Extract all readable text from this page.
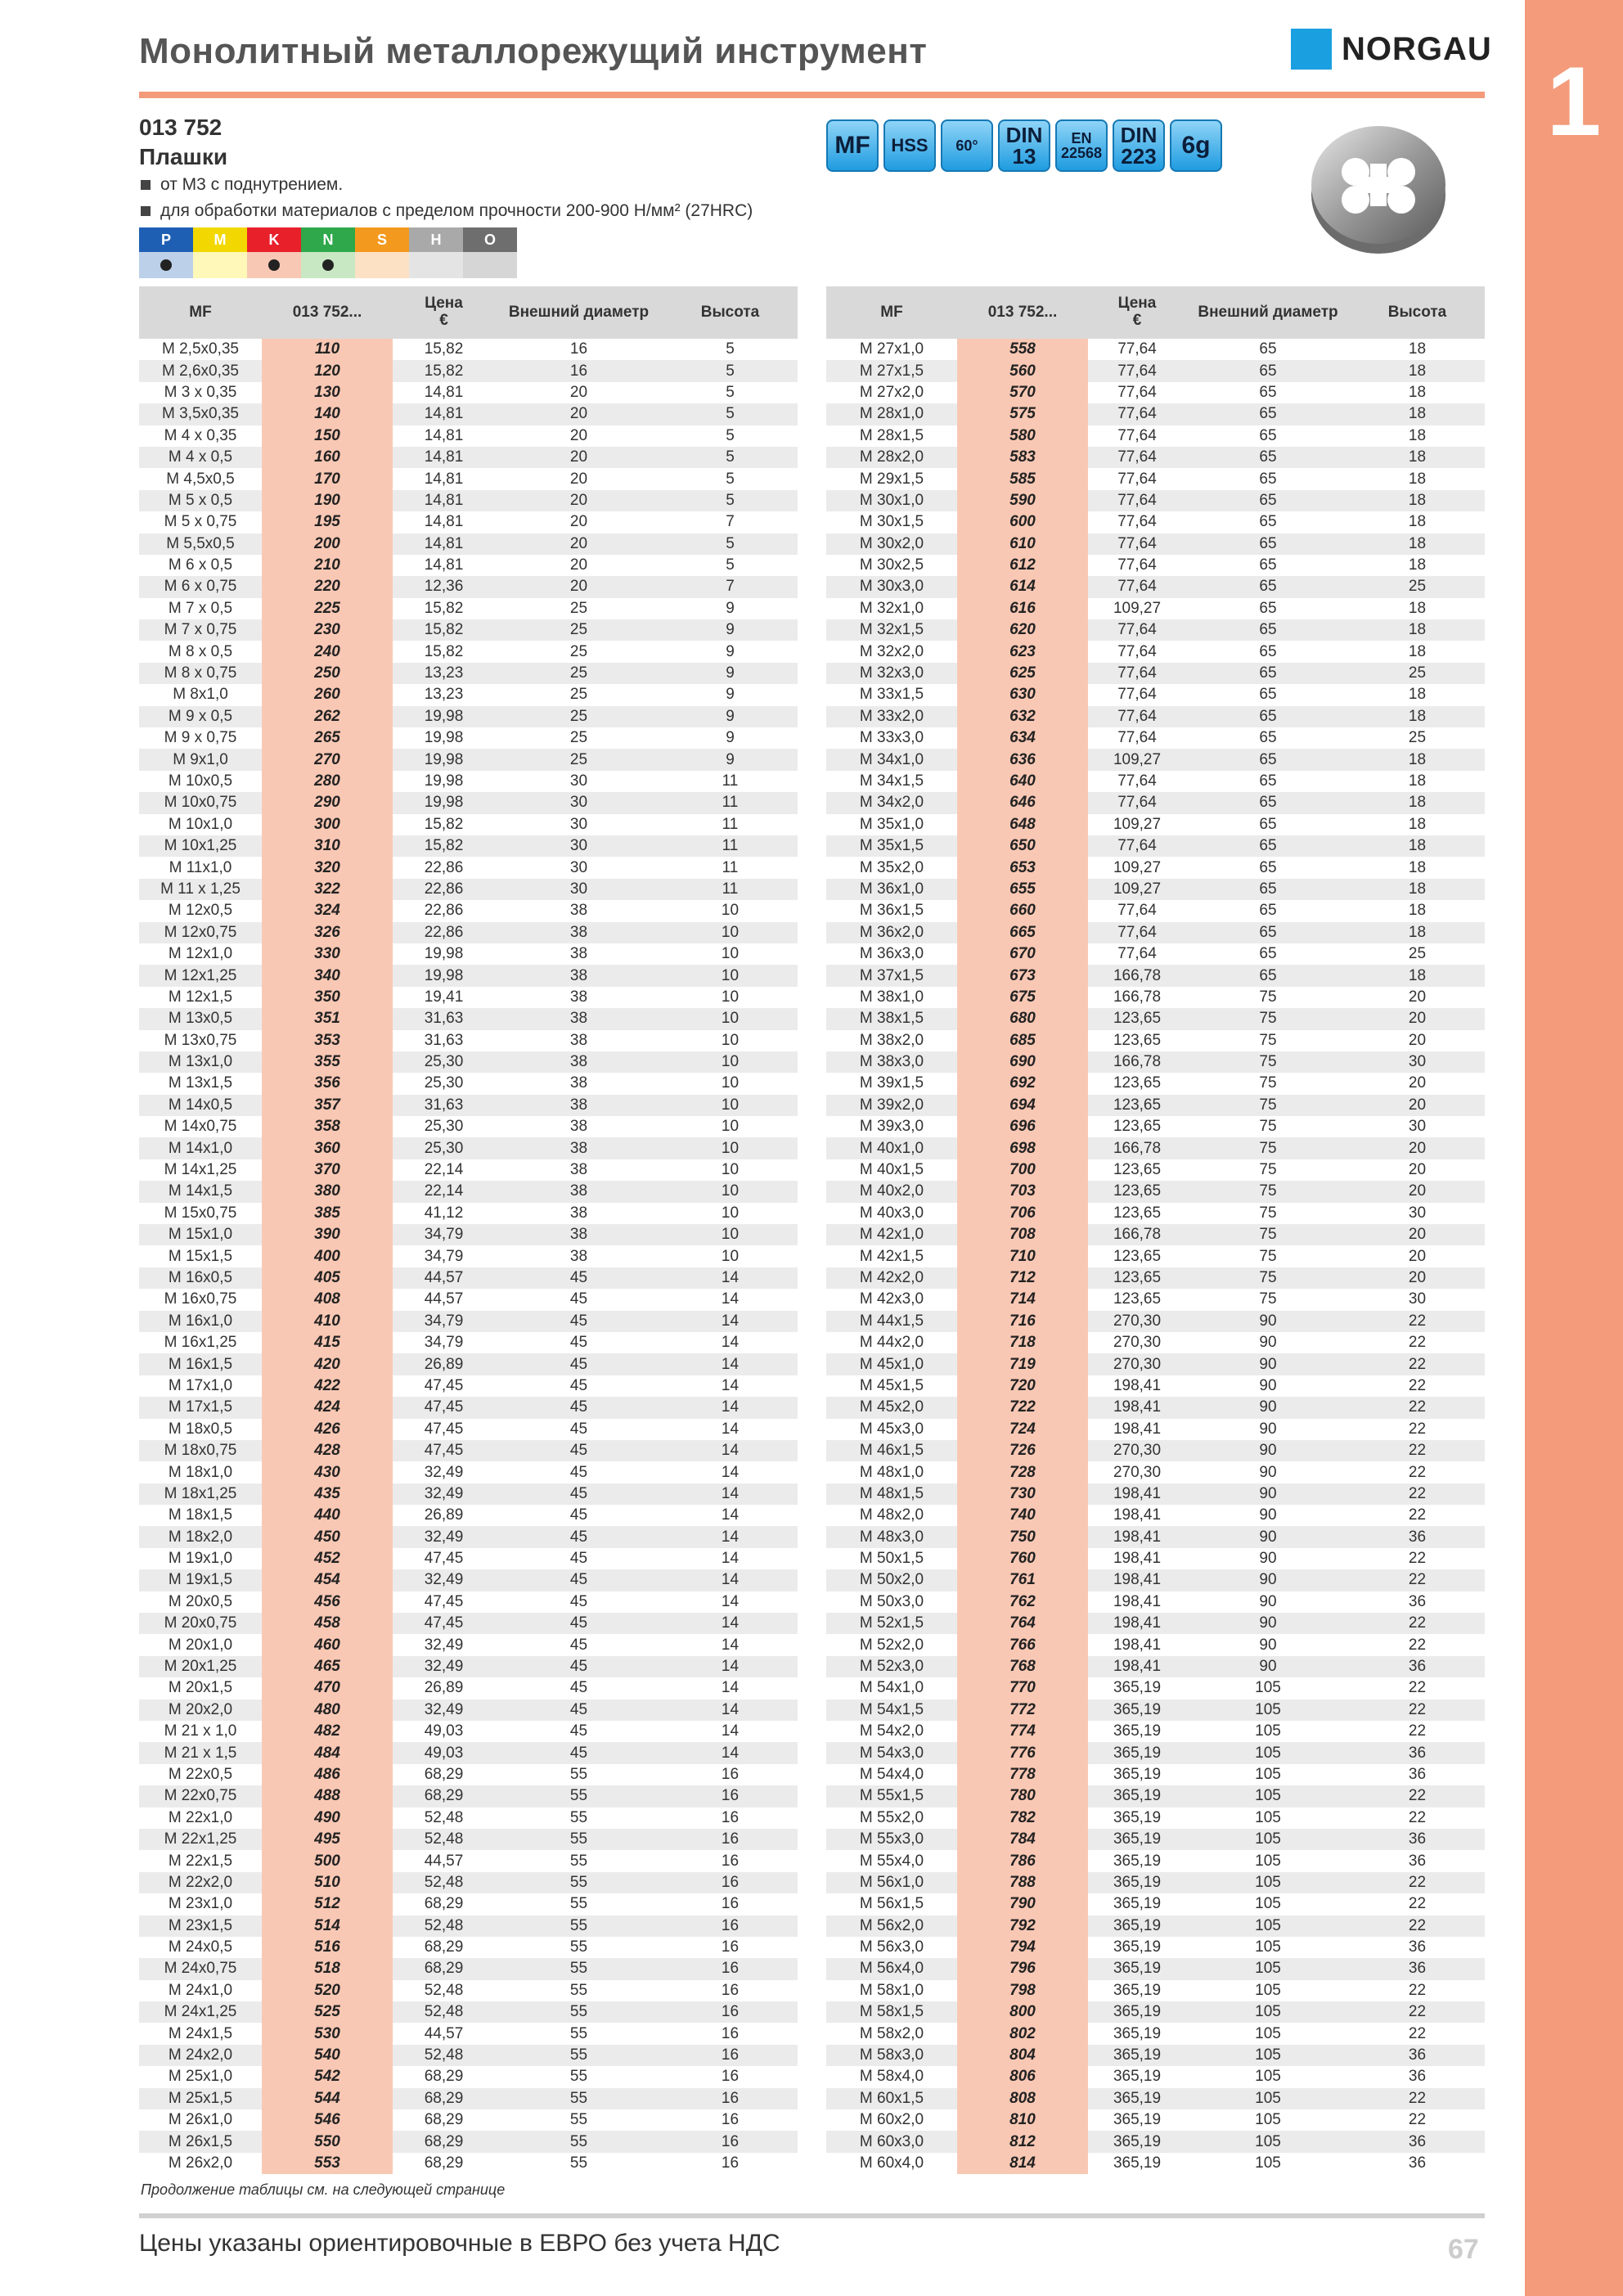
1
Монолитный металлорежущий инструмент	NORGAU
013 752
Плашки
от М3 с поднутрением.
для обработки материалов с пределом прочности 200-900 Н/мм² (27HRC)
P	M	K	N	S	H	O
MF HSS 60° DIN
13
EN
22568
DIN
223 6g
MF	013 752...	Цена
€	Внешний диаметр	Высота
M 2,5x0,35	110	15,82	16	5
M 2,6x0,35	120	15,82	16	5
M 3 x 0,35	130	14,81	20	5
M 3,5x0,35	140	14,81	20	5
M 4 x 0,35	150	14,81	20	5
M 4 x 0,5	160	14,81	20	5
M 4,5x0,5	170	14,81	20	5
M 5 x 0,5	190	14,81	20	5
M 5 x 0,75	195	14,81	20	7
M 5,5x0,5	200	14,81	20	5
M 6 x 0,5	210	14,81	20	5
M 6 x 0,75	220	12,36	20	7
M 7 x 0,5	225	15,82	25	9
M 7 x 0,75	230	15,82	25	9
M 8 x 0,5	240	15,82	25	9
M 8 x 0,75	250	13,23	25	9
M 8x1,0	260	13,23	25	9
M 9 x 0,5	262	19,98	25	9
M 9 x 0,75	265	19,98	25	9
M 9x1,0	270	19,98	25	9
M 10x0,5	280	19,98	30	11
M 10x0,75	290	19,98	30	11
M 10x1,0	300	15,82	30	11
M 10x1,25	310	15,82	30	11
M 11x1,0	320	22,86	30	11
M 11 x 1,25	322	22,86	30	11
M 12x0,5	324	22,86	38	10
M 12x0,75	326	22,86	38	10
M 12x1,0	330	19,98	38	10
M 12x1,25	340	19,98	38	10
M 12x1,5	350	19,41	38	10
M 13x0,5	351	31,63	38	10
M 13x0,75	353	31,63	38	10
M 13x1,0	355	25,30	38	10
M 13x1,5	356	25,30	38	10
M 14x0,5	357	31,63	38	10
M 14x0,75	358	25,30	38	10
M 14x1,0	360	25,30	38	10
M 14x1,25	370	22,14	38	10
M 14x1,5	380	22,14	38	10
M 15x0,75	385	41,12	38	10
M 15x1,0	390	34,79	38	10
M 15x1,5	400	34,79	38	10
M 16x0,5	405	44,57	45	14
M 16x0,75	408	44,57	45	14
M 16x1,0	410	34,79	45	14
M 16x1,25	415	34,79	45	14
M 16x1,5	420	26,89	45	14
M 17x1,0	422	47,45	45	14
M 17x1,5	424	47,45	45	14
M 18x0,5	426	47,45	45	14
M 18x0,75	428	47,45	45	14
M 18x1,0	430	32,49	45	14
M 18x1,25	435	32,49	45	14
M 18x1,5	440	26,89	45	14
M 18x2,0	450	32,49	45	14
M 19x1,0	452	47,45	45	14
M 19x1,5	454	32,49	45	14
M 20x0,5	456	47,45	45	14
M 20x0,75	458	47,45	45	14
M 20x1,0	460	32,49	45	14
M 20x1,25	465	32,49	45	14
M 20x1,5	470	26,89	45	14
M 20x2,0	480	32,49	45	14
M 21 x 1,0	482	49,03	45	14
M 21 x 1,5	484	49,03	45	14
M 22x0,5	486	68,29	55	16
M 22x0,75	488	68,29	55	16
M 22x1,0	490	52,48	55	16
M 22x1,25	495	52,48	55	16
M 22x1,5	500	44,57	55	16
M 22x2,0	510	52,48	55	16
M 23x1,0	512	68,29	55	16
M 23x1,5	514	52,48	55	16
M 24x0,5	516	68,29	55	16
M 24x0,75	518	68,29	55	16
M 24x1,0	520	52,48	55	16
M 24x1,25	525	52,48	55	16
M 24x1,5	530	44,57	55	16
M 24x2,0	540	52,48	55	16
M 25x1,0	542	68,29	55	16
M 25x1,5	544	68,29	55	16
M 26x1,0	546	68,29	55	16
M 26x1,5	550	68,29	55	16
M 26x2,0	553	68,29	55	16
MF	013 752...	Цена
€	Внешний диаметр	Высота
M 27x1,0	558	77,64	65	18
M 27x1,5	560	77,64	65	18
M 27x2,0	570	77,64	65	18
M 28x1,0	575	77,64	65	18
M 28x1,5	580	77,64	65	18
M 28x2,0	583	77,64	65	18
M 29x1,5	585	77,64	65	18
M 30x1,0	590	77,64	65	18
M 30x1,5	600	77,64	65	18
M 30x2,0	610	77,64	65	18
M 30x2,5	612	77,64	65	18
M 30x3,0	614	77,64	65	25
M 32x1,0	616	109,27	65	18
M 32x1,5	620	77,64	65	18
M 32x2,0	623	77,64	65	18
M 32x3,0	625	77,64	65	25
M 33x1,5	630	77,64	65	18
M 33x2,0	632	77,64	65	18
M 33x3,0	634	77,64	65	25
M 34x1,0	636	109,27	65	18
M 34x1,5	640	77,64	65	18
M 34x2,0	646	77,64	65	18
M 35x1,0	648	109,27	65	18
M 35x1,5	650	77,64	65	18
M 35x2,0	653	109,27	65	18
M 36x1,0	655	109,27	65	18
M 36x1,5	660	77,64	65	18
M 36x2,0	665	77,64	65	18
M 36x3,0	670	77,64	65	25
M 37x1,5	673	166,78	65	18
M 38x1,0	675	166,78	75	20
M 38x1,5	680	123,65	75	20
M 38x2,0	685	123,65	75	20
M 38x3,0	690	166,78	75	30
M 39x1,5	692	123,65	75	20
M 39x2,0	694	123,65	75	20
M 39x3,0	696	123,65	75	30
M 40x1,0	698	166,78	75	20
M 40x1,5	700	123,65	75	20
M 40x2,0	703	123,65	75	20
M 40x3,0	706	123,65	75	30
M 42x1,0	708	166,78	75	20
M 42x1,5	710	123,65	75	20
M 42x2,0	712	123,65	75	20
M 42x3,0	714	123,65	75	30
M 44x1,5	716	270,30	90	22
M 44x2,0	718	270,30	90	22
M 45x1,0	719	270,30	90	22
M 45x1,5	720	198,41	90	22
M 45x2,0	722	198,41	90	22
M 45x3,0	724	198,41	90	22
M 46x1,5	726	270,30	90	22
M 48x1,0	728	270,30	90	22
M 48x1,5	730	198,41	90	22
M 48x2,0	740	198,41	90	22
M 48x3,0	750	198,41	90	36
M 50x1,5	760	198,41	90	22
M 50x2,0	761	198,41	90	22
M 50x3,0	762	198,41	90	36
M 52x1,5	764	198,41	90	22
M 52x2,0	766	198,41	90	22
M 52x3,0	768	198,41	90	36
M 54x1,0	770	365,19	105	22
M 54x1,5	772	365,19	105	22
M 54x2,0	774	365,19	105	22
M 54x3,0	776	365,19	105	36
M 54x4,0	778	365,19	105	36
M 55x1,5	780	365,19	105	22
M 55x2,0	782	365,19	105	22
M 55x3,0	784	365,19	105	36
M 55x4,0	786	365,19	105	36
M 56x1,0	788	365,19	105	22
M 56x1,5	790	365,19	105	22
M 56x2,0	792	365,19	105	22
M 56x3,0	794	365,19	105	36
M 56x4,0	796	365,19	105	36
M 58x1,0	798	365,19	105	22
M 58x1,5	800	365,19	105	22
M 58x2,0	802	365,19	105	22
M 58x3,0	804	365,19	105	36
M 58x4,0	806	365,19	105	36
M 60x1,5	808	365,19	105	22
M 60x2,0	810	365,19	105	22
M 60x3,0	812	365,19	105	36
M 60x4,0	814	365,19	105	36
Продолжение таблицы см. на следующей странице
Цены указаны ориентировочные в ЕВРО без учета НДС	67
